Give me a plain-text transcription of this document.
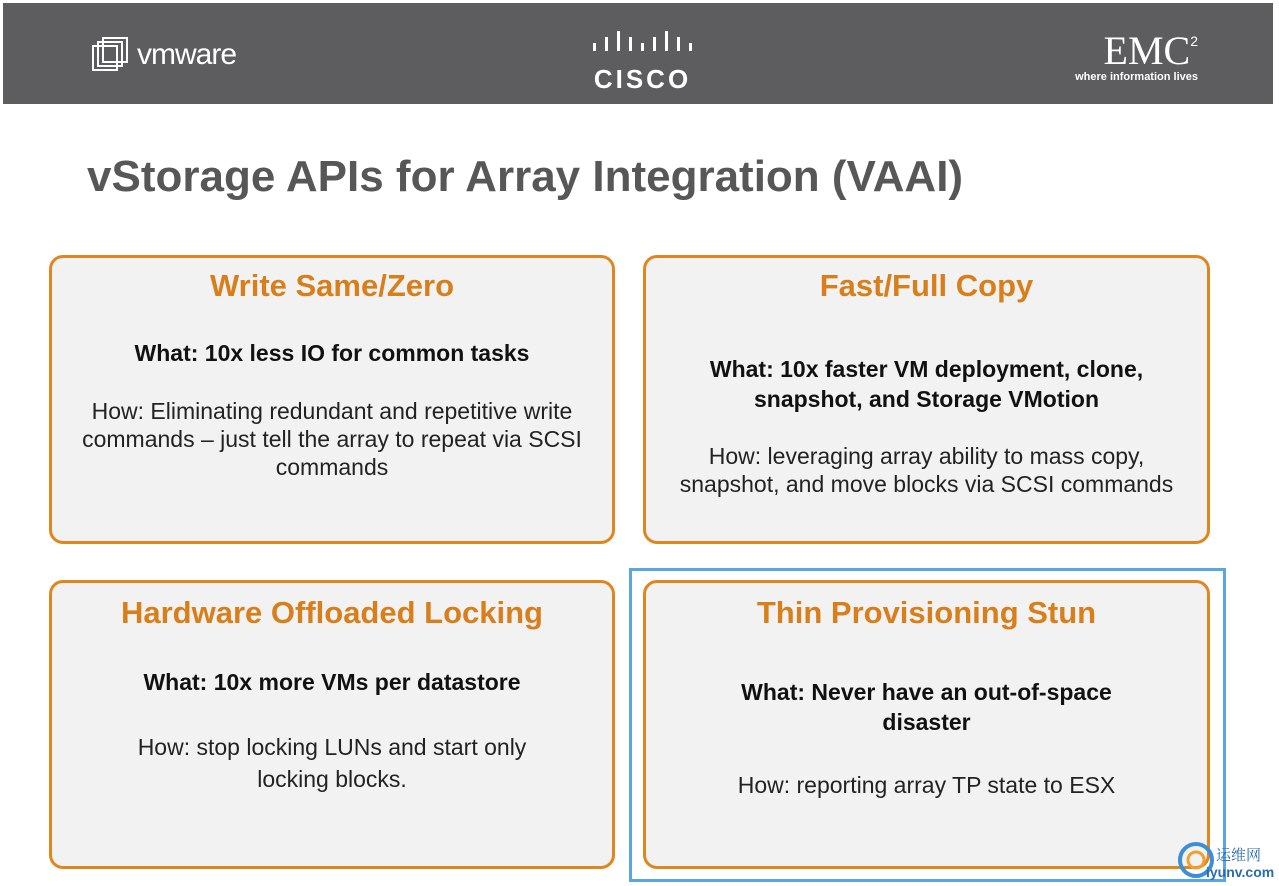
vmware
CISCO
EMC$^2$
where information lives
vStorage APIs for Array Integration (VAAI)
Write Same/Zero
What: 10x less IO for common tasks
How: Eliminating redundant and repetitive write commands – just tell the array to repeat via SCSI commands
Fast/Full Copy
What: 10x faster VM deployment, clone, snapshot, and Storage VMotion
How: leveraging array ability to mass copy, snapshot, and move blocks via SCSI commands
Hardware Offloaded Locking
What: 10x more VMs per datastore
How: stop locking LUNs and start only locking blocks.
Thin Provisioning Stun
What: Never have an out-of-space disaster
How: reporting array TP state to ESX
运维网
iyunv.com
